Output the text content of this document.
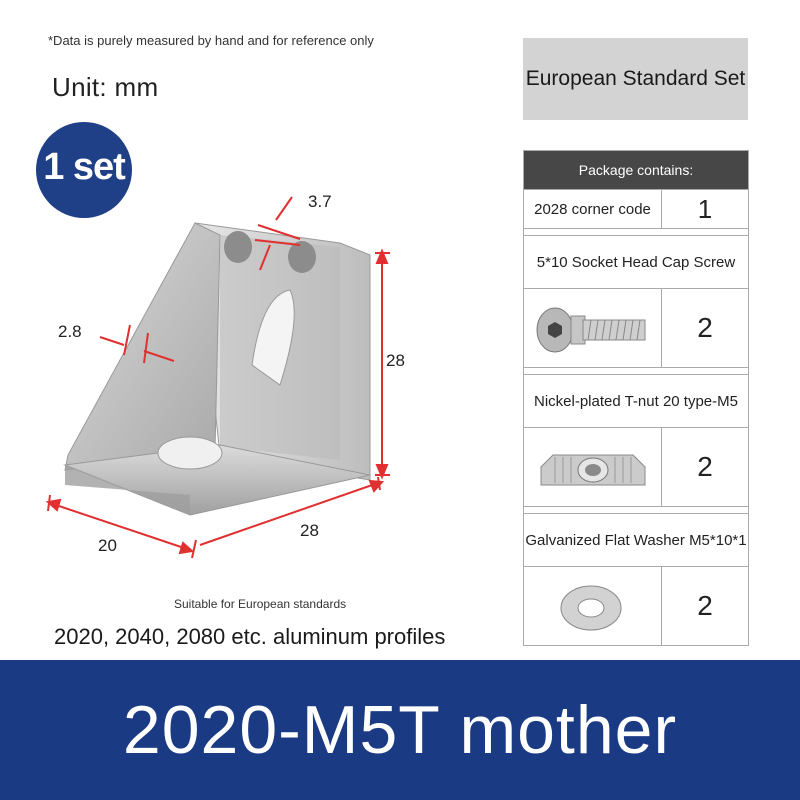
*Data is purely measured by hand and for reference only
Unit: mm
1 set
European Standard Set
3.7
2.8
28
28
20
Package contains:
2028 corner code	1
5*10 Socket Head Cap Screw
2
Nickel-plated T-nut 20 type-M5
2
Galvanized Flat Washer M5*10*1
2
Suitable for European standards
2020, 2040, 2080 etc. aluminum profiles
2020-M5T mother
